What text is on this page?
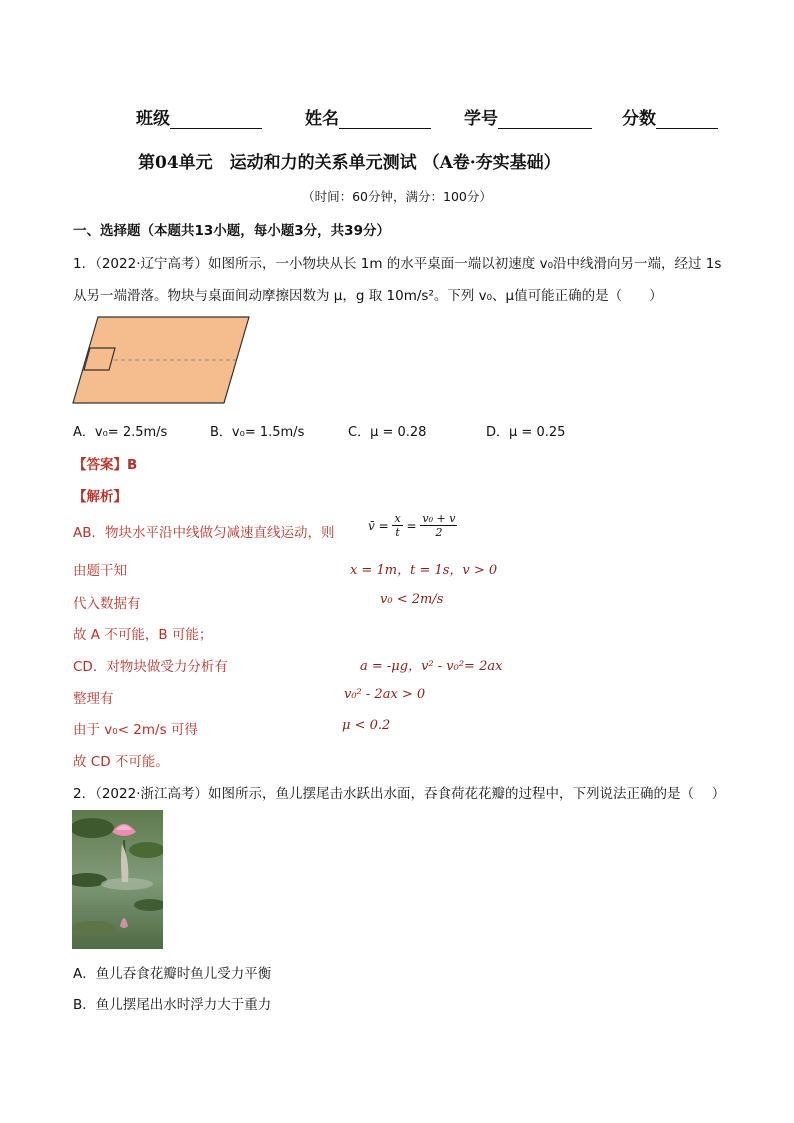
班级	姓名	学号	分数
第04单元　运动和力的关系单元测试 （A卷·夯实基础）
（时间：60分钟，满分：100分）
一、选择题（本题共13小题，每小题3分，共39分）
1．（2022·辽宁高考）如图所示，一小物块从长 1m 的水平桌面一端以初速度 v₀沿中线滑向另一端，经过 1s
从另一端滑落。物块与桌面间动摩擦因数为 μ，g 取 10m/s²。下列 v₀、μ值可能正确的是（　　）
A．v₀= 2.5m/s	B．v₀= 1.5m/s	C．μ = 0.28	D．μ = 0.25
【答案】B
【解析】
AB．物块水平沿中线做匀减速直线运动，则	v̄ = $\frac{x}{t} = \frac{\text{v₀ + v}}{2}$
由题干知	x = 1m，t = 1s，v > 0
代入数据有	v₀ < 2m/s
故 A 不可能，B 可能；
CD．对物块做受力分析有	a = -μg，v² - v₀²= 2ax
整理有	v₀² - 2ax > 0
由于 v₀< 2m/s 可得	μ < 0.2
故 CD 不可能。
2．（2022·浙江高考）如图所示，鱼儿摆尾击水跃出水面，吞食荷花花瓣的过程中，下列说法正确的是（　 ）
A．鱼儿吞食花瓣时鱼儿受力平衡
B．鱼儿摆尾出水时浮力大于重力
